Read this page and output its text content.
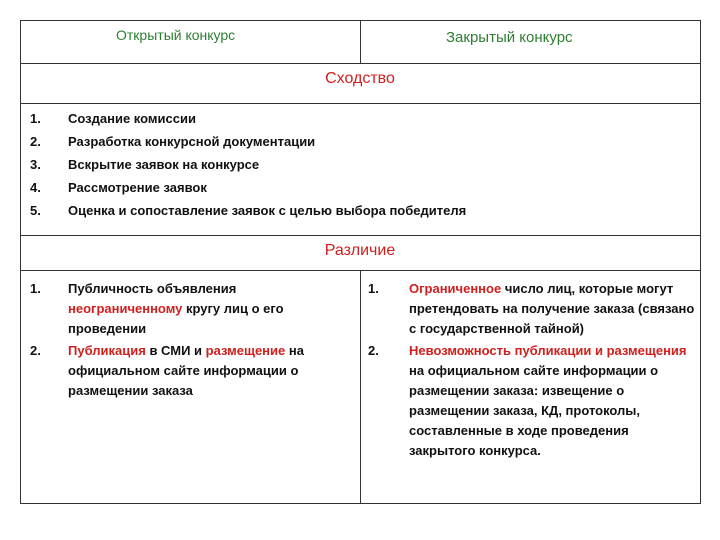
Открытый конкурс	Закрытый конкурс
Сходство
1. Создание комиссии
2. Разработка конкурсной документации
3. Вскрытие заявок на конкурсе
4. Рассмотрение заявок
5. Оценка и сопоставление заявок с целью выбора победителя
Различие
1. Публичность объявления
неограниченному кругу лиц о его проведении
2. Публикация в СМИ и размещение на официальном сайте информации о размещении заказа
1. Ограниченное число лиц, которые могут претендовать на получение заказа (связано с государственной тайной)
2. Невозможность публикации и размещения на официальном сайте информации о размещении заказа: извещение о размещении заказа, КД, протоколы, составленные в ходе проведения закрытого конкурса.
